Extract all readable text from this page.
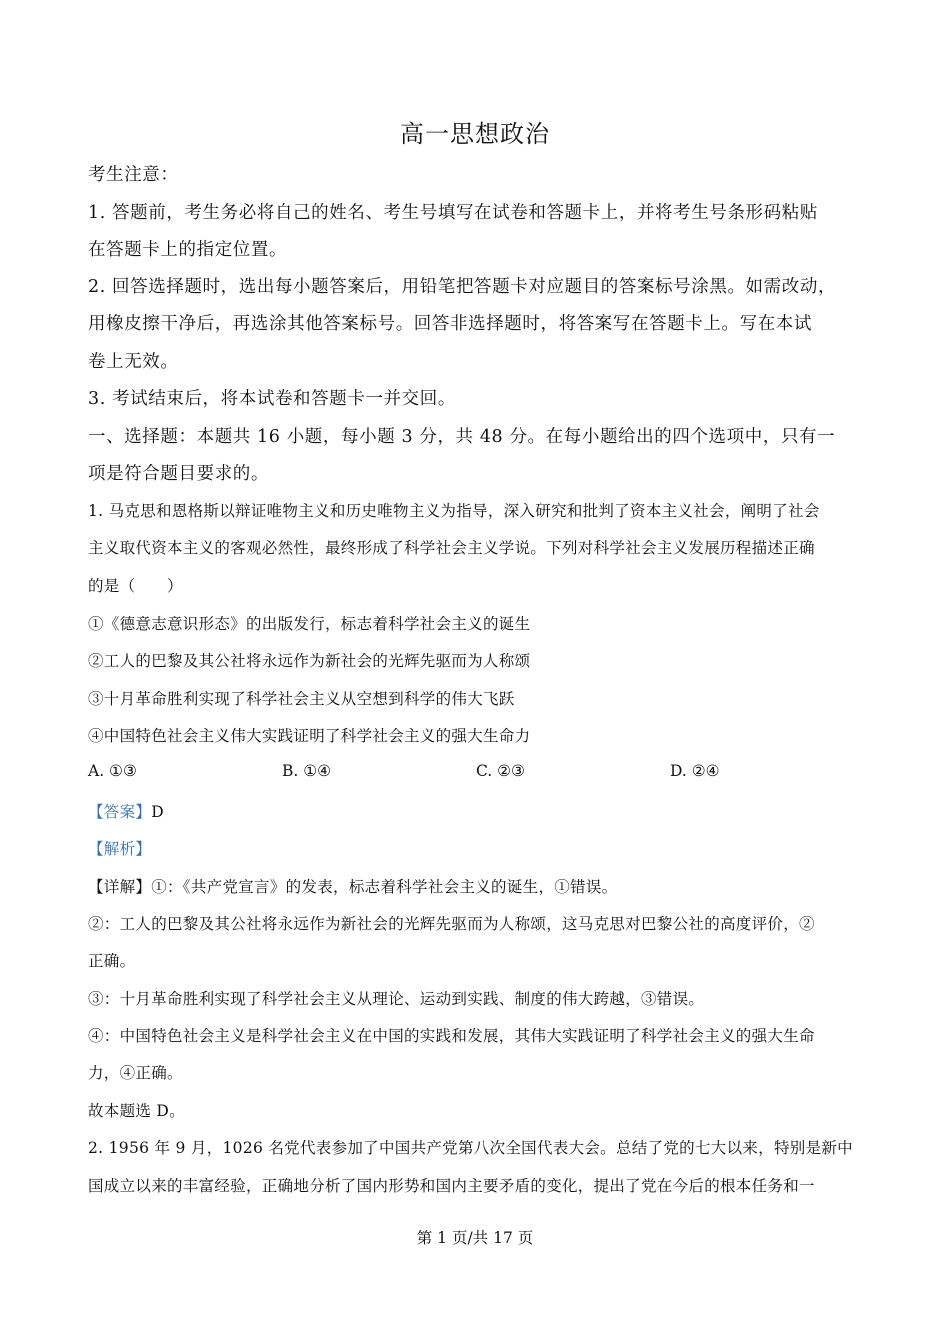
高一思想政治
考生注意：
1. 答题前，考生务必将自己的姓名、考生号填写在试卷和答题卡上，并将考生号条形码粘贴
在答题卡上的指定位置。
2. 回答选择题时，选出每小题答案后，用铅笔把答题卡对应题目的答案标号涂黑。如需改动，
用橡皮擦干净后，再选涂其他答案标号。回答非选择题时，将答案写在答题卡上。写在本试
卷上无效。
3. 考试结束后，将本试卷和答题卡一并交回。
一、选择题：本题共 16 小题，每小题 3 分，共 48 分。在每小题给出的四个选项中，只有一
项是符合题目要求的。
1. 马克思和恩格斯以辩证唯物主义和历史唯物主义为指导，深入研究和批判了资本主义社会，阐明了社会
主义取代资本主义的客观必然性，最终形成了科学社会主义学说。下列对科学社会主义发展历程描述正确
的是（　　）
①《德意志意识形态》的出版发行，标志着科学社会主义的诞生
②工人的巴黎及其公社将永远作为新社会的光辉先驱而为人称颂
③十月革命胜利实现了科学社会主义从空想到科学的伟大飞跃
④中国特色社会主义伟大实践证明了科学社会主义的强大生命力
A. ①③	B. ①④	C. ②③	D. ②④
【答案】D
【解析】
【详解】①：《共产党宣言》的发表，标志着科学社会主义的诞生，①错误。
②：工人的巴黎及其公社将永远作为新社会的光辉先驱而为人称颂，这马克思对巴黎公社的高度评价，②
正确。
③：十月革命胜利实现了科学社会主义从理论、运动到实践、制度的伟大跨越，③错误。
④：中国特色社会主义是科学社会主义在中国的实践和发展，其伟大实践证明了科学社会主义的强大生命
力，④正确。
故本题选 D。
2. 1956 年 9 月，1026 名党代表参加了中国共产党第八次全国代表大会。总结了党的七大以来，特别是新中
国成立以来的丰富经验，正确地分析了国内形势和国内主要矛盾的变化，提出了党在今后的根本任务和一
第 1 页/共 17 页
